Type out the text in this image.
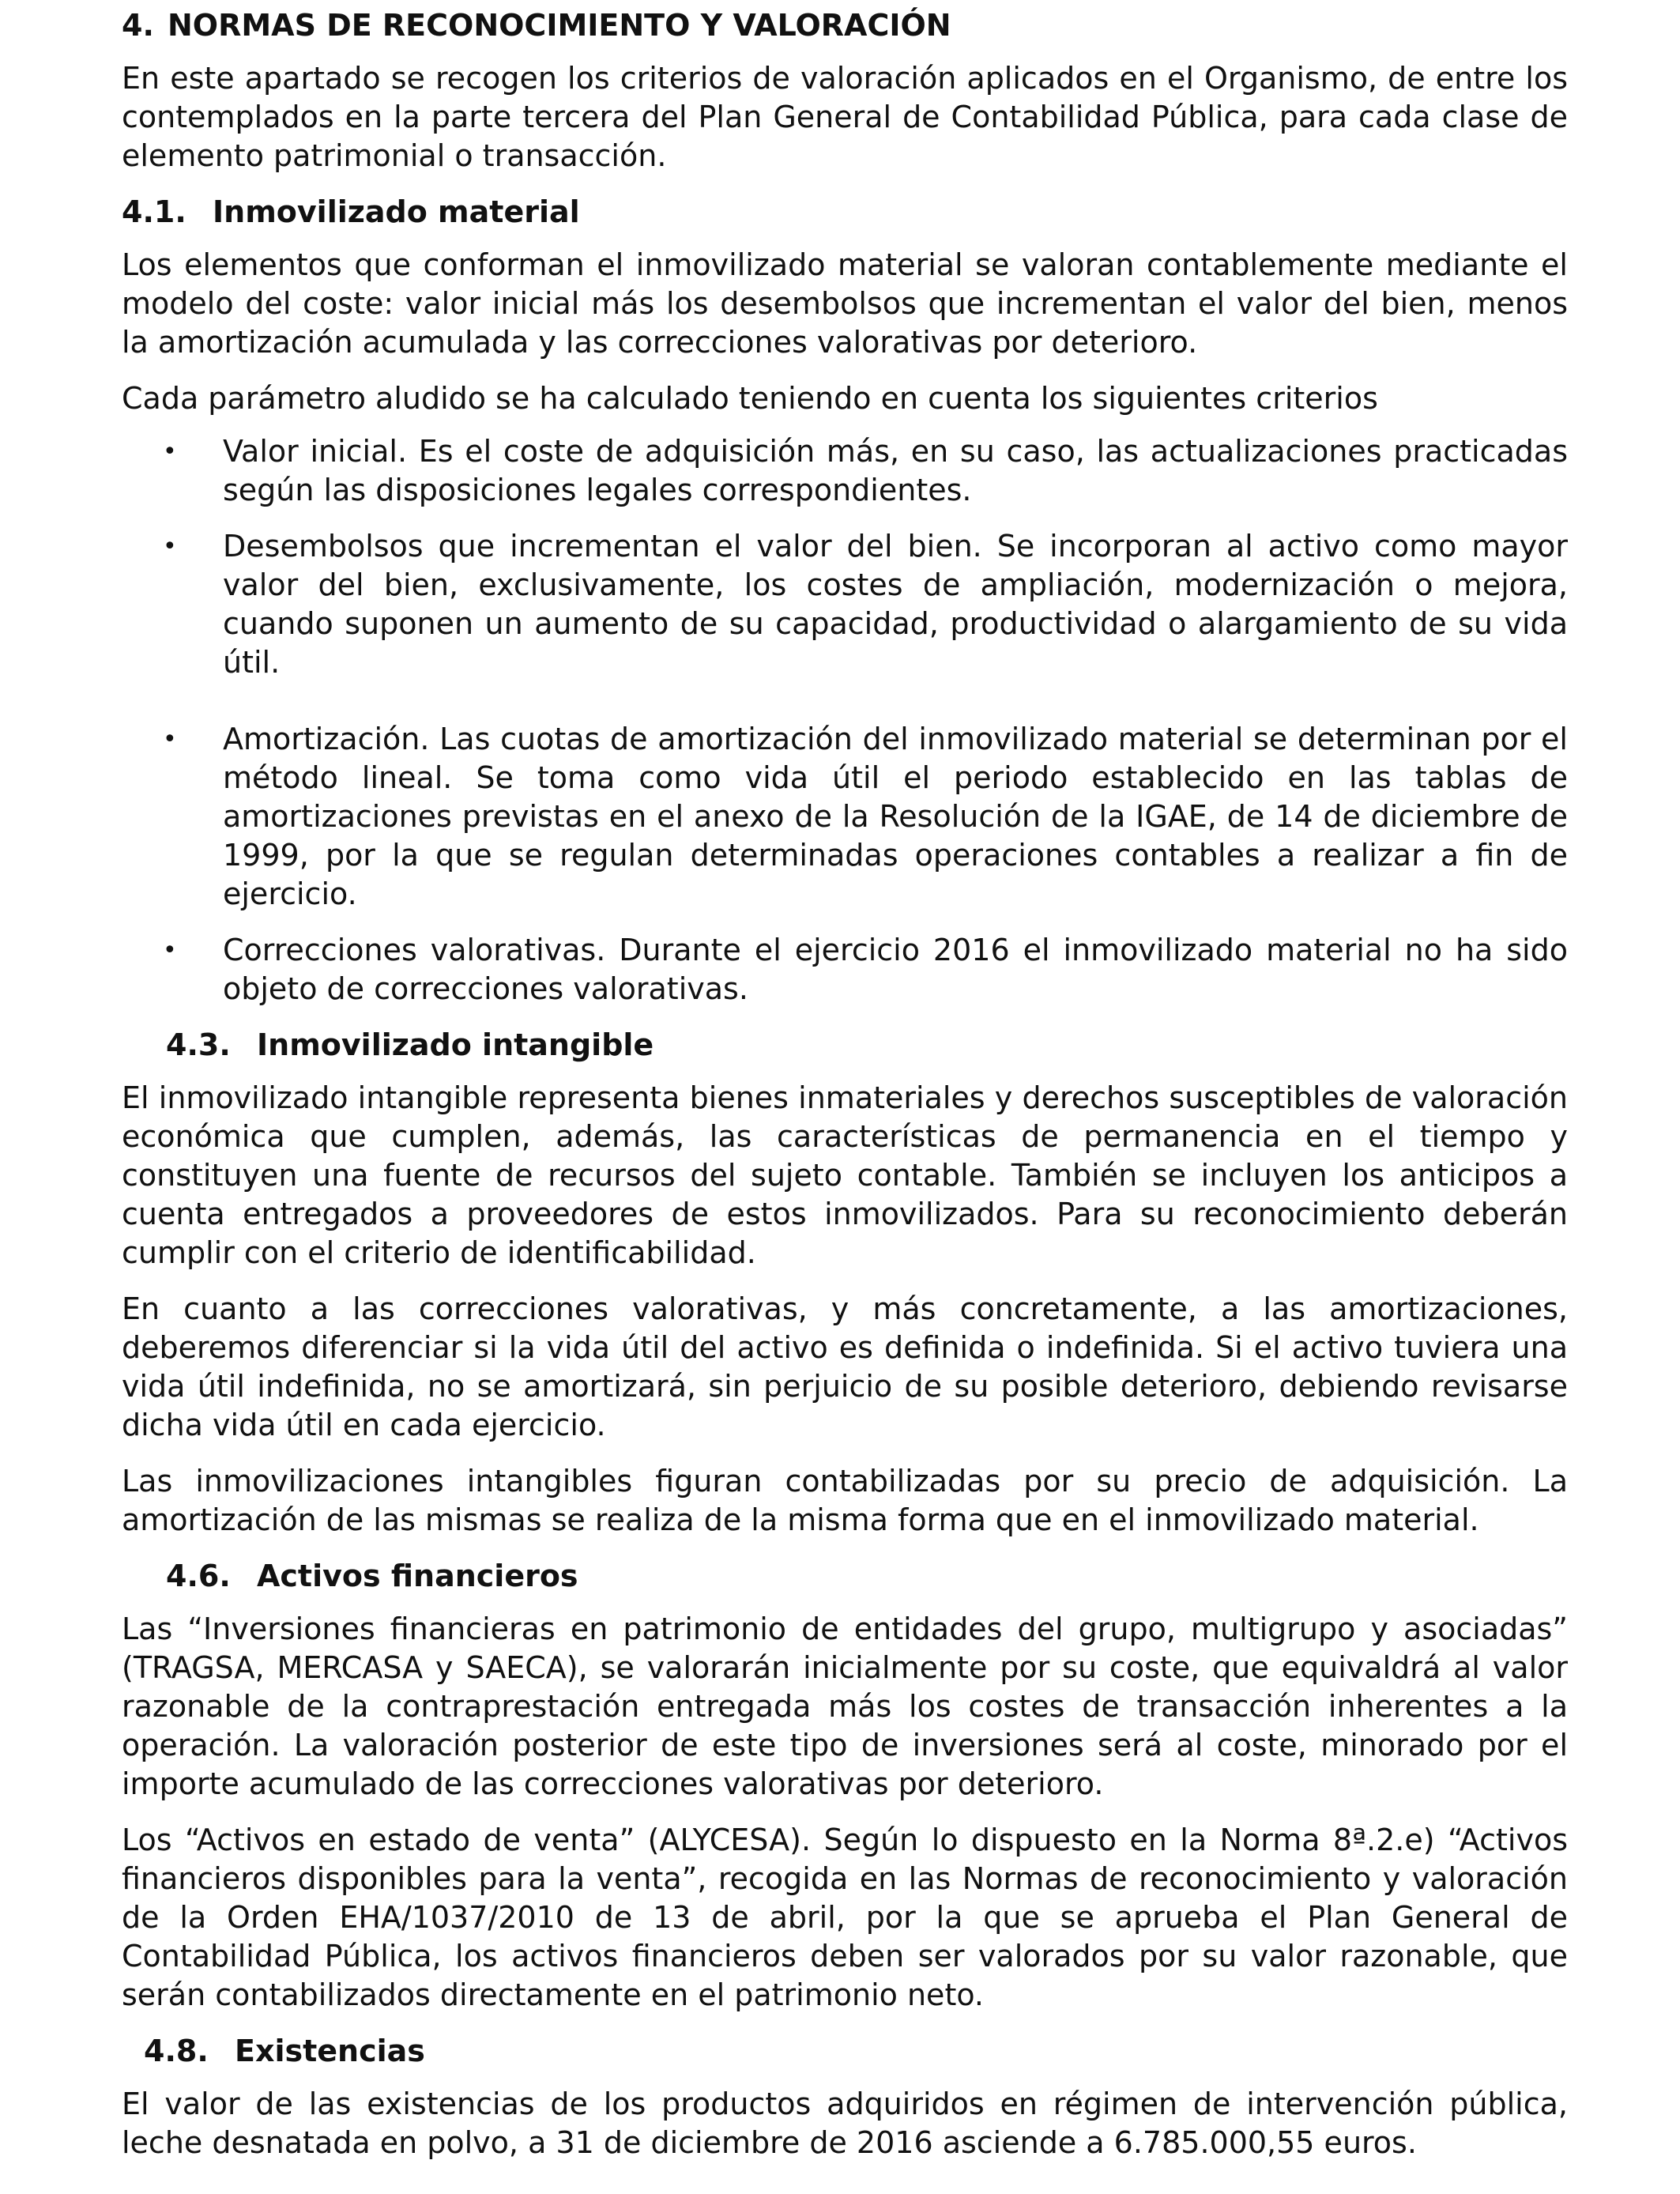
4. NORMAS DE RECONOCIMIENTO Y VALORACIÓN

En este apartado se recogen los criterios de valoración aplicados en el Organismo, de entre los contemplados en la parte tercera del Plan General de Contabilidad Pública, para cada clase de elemento patrimonial o transacción.

4.1. Inmovilizado material

Los elementos que conforman el inmovilizado material se valoran contablemente mediante el modelo del coste: valor inicial más los desembolsos que incrementan el valor del bien, menos la amortización acumulada y las correcciones valorativas por deterioro.

Cada parámetro aludido se ha calculado teniendo en cuenta los siguientes criterios

• Valor inicial. Es el coste de adquisición más, en su caso, las actualizaciones practicadas según las disposiciones legales correspondientes.
• Desembolsos que incrementan el valor del bien. Se incorporan al activo como mayor valor del bien, exclusivamente, los costes de ampliación, modernización o mejora, cuando suponen un aumento de su capacidad, productividad o alargamiento de su vida útil.
• Amortización. Las cuotas de amortización del inmovilizado material se determinan por el método lineal. Se toma como vida útil el periodo establecido en las tablas de amortizaciones previstas en el anexo de la Resolución de la IGAE, de 14 de diciembre de 1999, por la que se regulan determinadas operaciones contables a realizar a fin de ejercicio.
• Correcciones valorativas. Durante el ejercicio 2016 el inmovilizado material no ha sido objeto de correcciones valorativas.
4.3. Inmovilizado intangible

El inmovilizado intangible representa bienes inmateriales y derechos susceptibles de valoración económica que cumplen, además, las características de permanencia en el tiempo y constituyen una fuente de recursos del sujeto contable. También se incluyen los anticipos a cuenta entregados a proveedores de estos inmovilizados. Para su reconocimiento deberán cumplir con el criterio de identificabilidad.

En cuanto a las correcciones valorativas, y más concretamente, a las amortizaciones, deberemos diferenciar si la vida útil del activo es definida o indefinida. Si el activo tuviera una vida útil indefinida, no se amortizará, sin perjuicio de su posible deterioro, debiendo revisarse dicha vida útil en cada ejercicio.

Las inmovilizaciones intangibles figuran contabilizadas por su precio de adquisición. La amortización de las mismas se realiza de la misma forma que en el inmovilizado material.

4.6. Activos financieros

Las “Inversiones financieras en patrimonio de entidades del grupo, multigrupo y asociadas” (TRAGSA, MERCASA y SAECA), se valorarán inicialmente por su coste, que equivaldrá al valor razonable de la contraprestación entregada más los costes de transacción inherentes a la operación. La valoración posterior de este tipo de inversiones será al coste, minorado por el importe acumulado de las correcciones valorativas por deterioro.

Los “Activos en estado de venta” (ALYCESA). Según lo dispuesto en la Norma 8ª.2.e) “Activos financieros disponibles para la venta”, recogida en las Normas de reconocimiento y valoración de la Orden EHA/1037/2010 de 13 de abril, por la que se aprueba el Plan General de Contabilidad Pública, los activos financieros deben ser valorados por su valor razonable, que serán contabilizados directamente en el patrimonio neto.

4.8. Existencias

El valor de las existencias de los productos adquiridos en régimen de intervención pública, leche desnatada en polvo, a 31 de diciembre de 2016 asciende a 6.785.000,55 euros.
